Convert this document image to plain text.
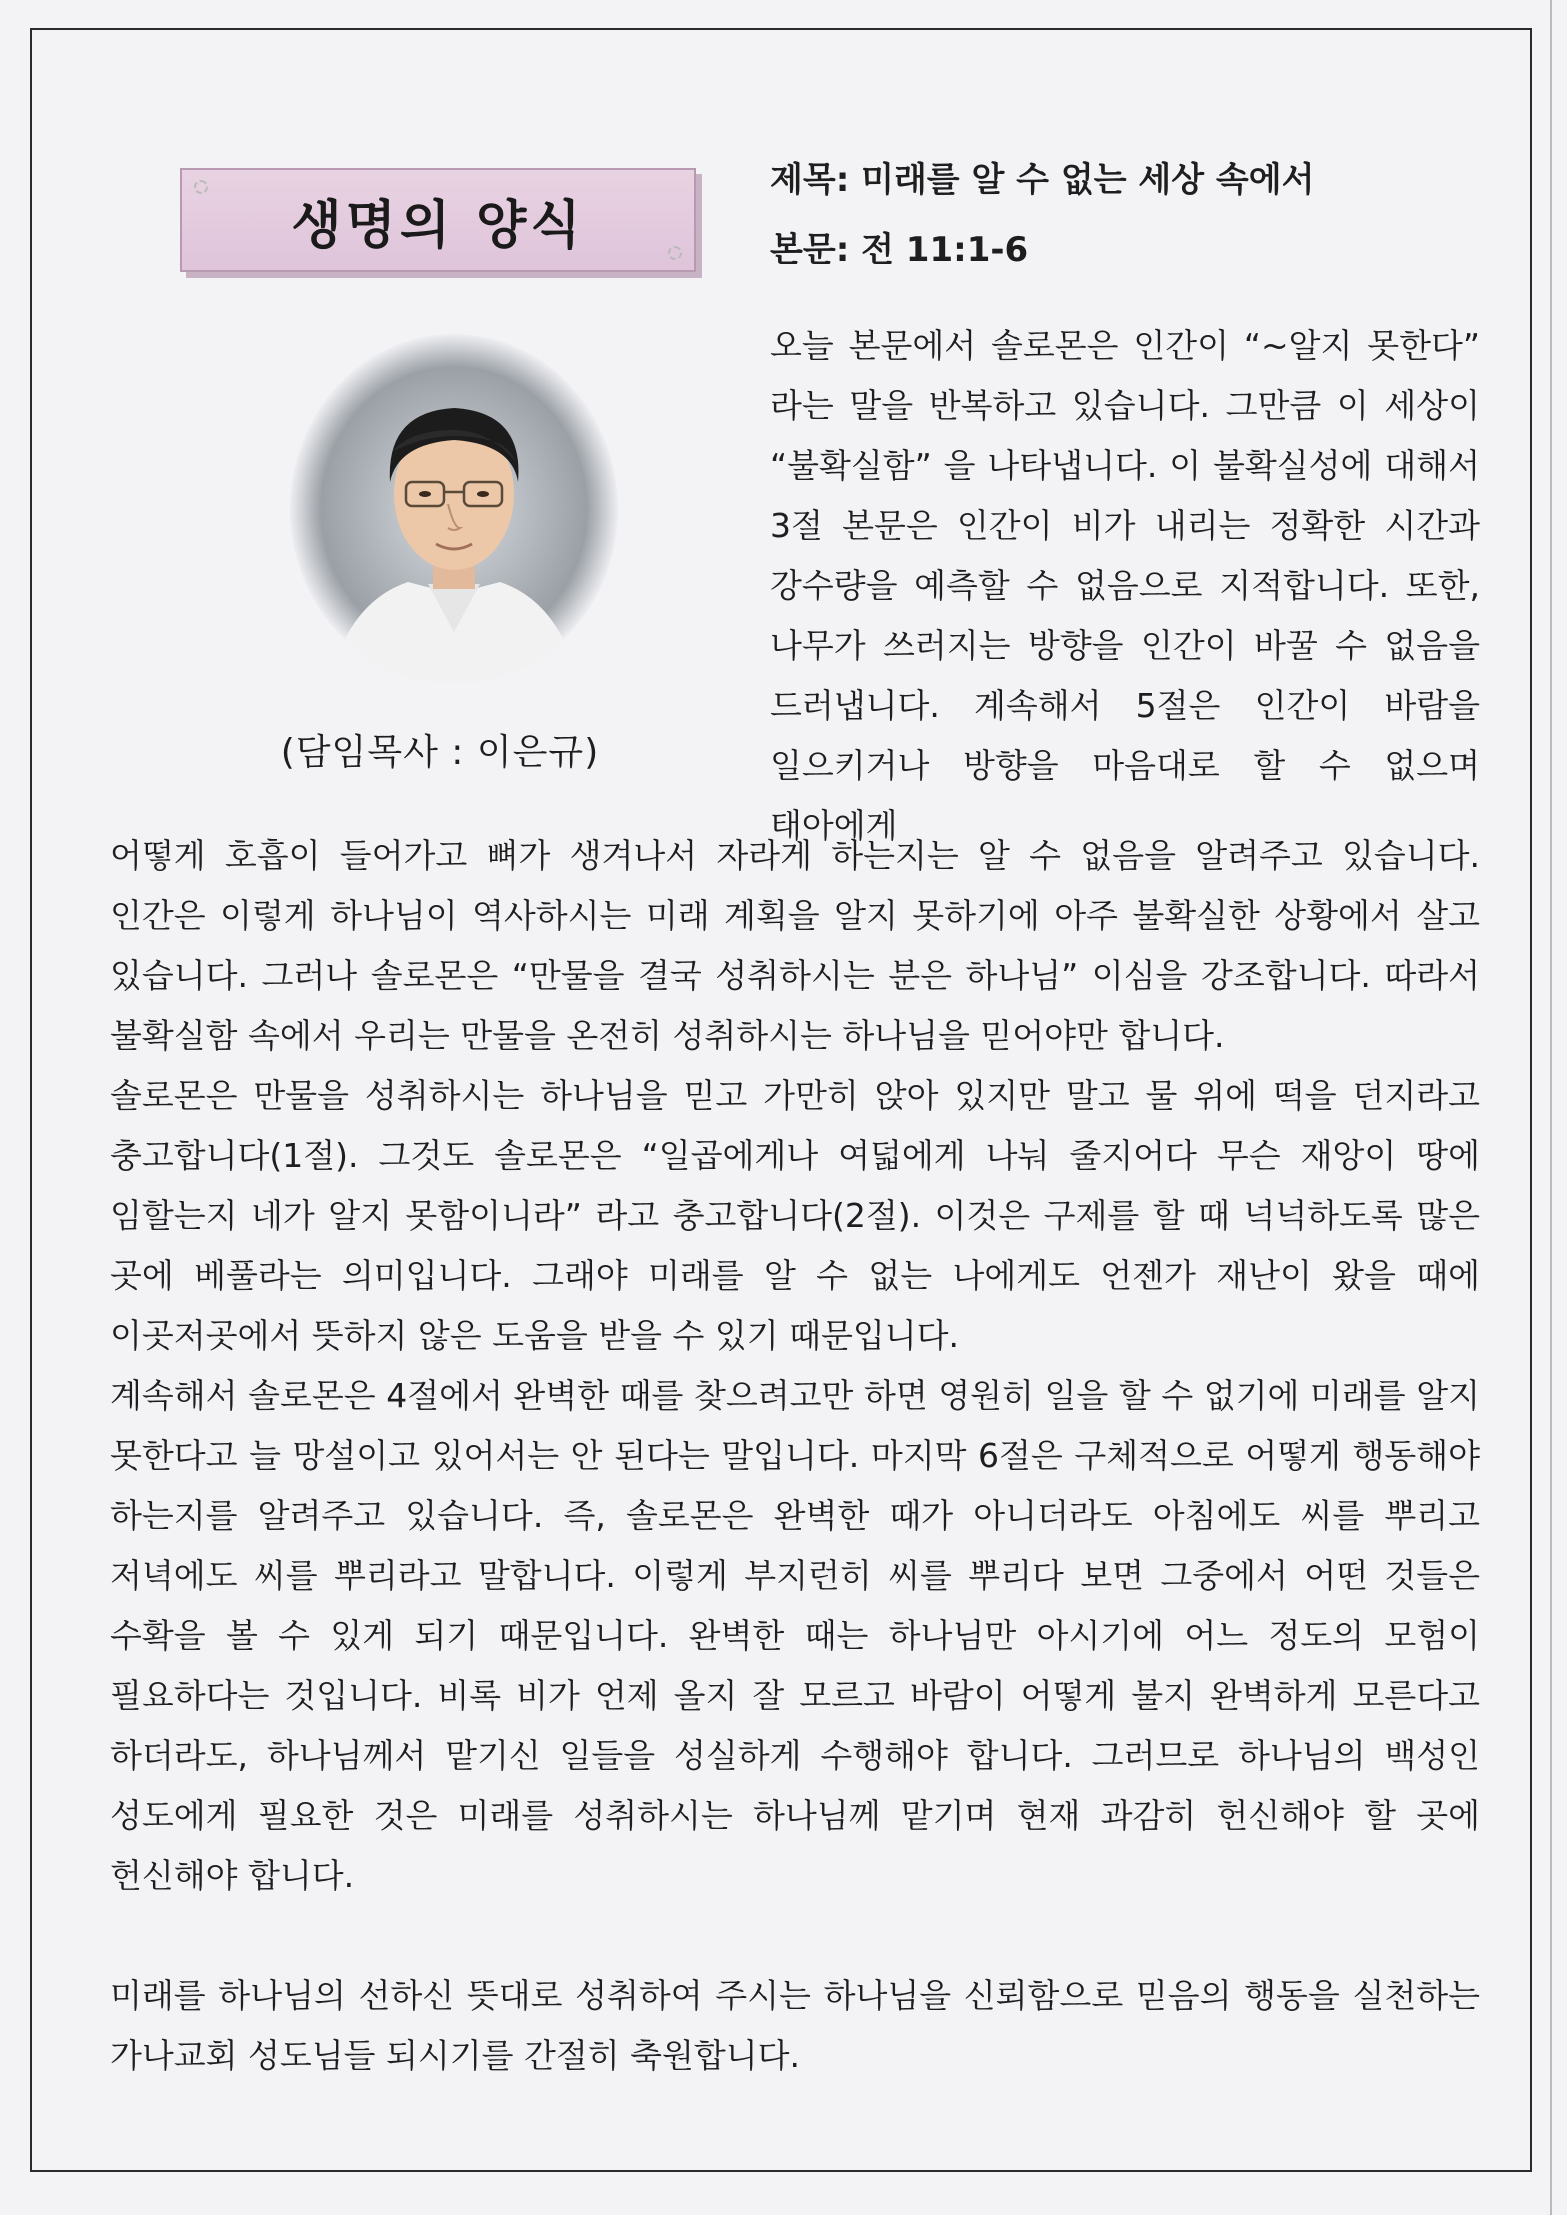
생명의 양식
제목: 미래를 알 수 없는 세상 속에서
본문: 전 11:1-6
(담임목사 : 이은규)

오늘 본문에서 솔로몬은 인간이 “~알지 못한다” 라는 말을 반복하고 있습니다. 그만큼 이 세상이 “불확실함” 을 나타냅니다. 이 불확실성에 대해서 3절 본문은 인간이 비가 내리는 정확한 시간과 강수량을 예측할 수 없음으로 지적합니다. 또한, 나무가 쓰러지는 방향을 인간이 바꿀 수 없음을 드러냅니다. 계속해서 5절은 인간이 바람을 일으키거나 방향을 마음대로 할 수 없으며 태아에게

어떻게 호흡이 들어가고 뼈가 생겨나서 자라게 하는지는 알 수 없음을 알려주고 있습니다. 인간은 이렇게 하나님이 역사하시는 미래 계획을 알지 못하기에 아주 불확실한 상황에서 살고 있습니다. 그러나 솔로몬은 “만물을 결국 성취하시는 분은 하나님” 이심을 강조합니다. 따라서 불확실함 속에서 우리는 만물을 온전히 성취하시는 하나님을 믿어야만 합니다.

솔로몬은 만물을 성취하시는 하나님을 믿고 가만히 앉아 있지만 말고 물 위에 떡을 던지라고 충고합니다(1절). 그것도 솔로몬은 “일곱에게나 여덟에게 나눠 줄지어다 무슨 재앙이 땅에 임할는지 네가 알지 못함이니라” 라고 충고합니다(2절). 이것은 구제를 할 때 넉넉하도록 많은 곳에 베풀라는 의미입니다. 그래야 미래를 알 수 없는 나에게도 언젠가 재난이 왔을 때에 이곳저곳에서 뜻하지 않은 도움을 받을 수 있기 때문입니다.

계속해서 솔로몬은 4절에서 완벽한 때를 찾으려고만 하면 영원히 일을 할 수 없기에 미래를 알지 못한다고 늘 망설이고 있어서는 안 된다는 말입니다. 마지막 6절은 구체적으로 어떻게 행동해야 하는지를 알려주고 있습니다. 즉, 솔로몬은 완벽한 때가 아니더라도 아침에도 씨를 뿌리고 저녁에도 씨를 뿌리라고 말합니다. 이렇게 부지런히 씨를 뿌리다 보면 그중에서 어떤 것들은 수확을 볼 수 있게 되기 때문입니다. 완벽한 때는 하나님만 아시기에 어느 정도의 모험이 필요하다는 것입니다. 비록 비가 언제 올지 잘 모르고 바람이 어떻게 불지 완벽하게 모른다고 하더라도, 하나님께서 맡기신 일들을 성실하게 수행해야 합니다. 그러므로 하나님의 백성인 성도에게 필요한 것은 미래를 성취하시는 하나님께 맡기며 현재 과감히 헌신해야 할 곳에 헌신해야 합니다.

미래를 하나님의 선하신 뜻대로 성취하여 주시는 하나님을 신뢰함으로 믿음의 행동을 실천하는 가나교회 성도님들 되시기를 간절히 축원합니다.
